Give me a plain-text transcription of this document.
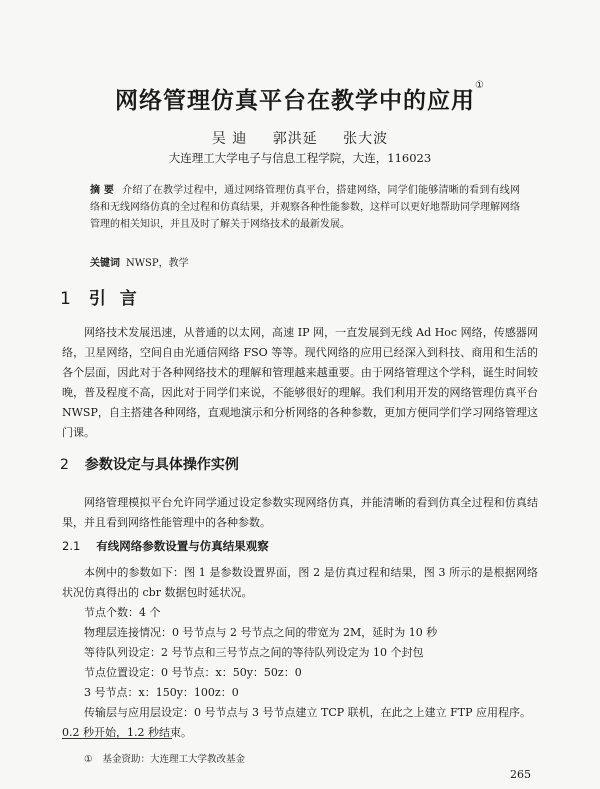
网络管理仿真平台在教学中的应用①
吴 迪 郭洪延 张大波
大连理工大学电子与信息工程学院，大连，116023
摘 要 介绍了在教学过程中，通过网络管理仿真平台，搭建网络，同学们能够清晰的看到有线网络和无线网络仿真的全过程和仿真结果，并观察各种性能参数，这样可以更好地帮助同学理解网络管理的相关知识，并且及时了解关于网络技术的最新发展。
关键词 NWSP，教学
1 引 言
网络技术发展迅速，从普通的以太网，高速 IP 网，一直发展到无线 Ad Hoc 网络，传感器网络，卫星网络，空间自由光通信网络 FSO 等等。现代网络的应用已经深入到科技、商用和生活的各个层面，因此对于各种网络技术的理解和管理越来越重要。由于网络管理这个学科，诞生时间较晚，普及程度不高，因此对于同学们来说，不能够很好的理解。我们利用开发的网络管理仿真平台 NWSP，自主搭建各种网络，直观地演示和分析网络的各种参数，更加方便同学们学习网络管理这门课。
2 参数设定与具体操作实例
网络管理模拟平台允许同学通过设定参数实现网络仿真，并能清晰的看到仿真全过程和仿真结果，并且看到网络性能管理中的各种参数。
2.1 有线网络参数设置与仿真结果观察
本例中的参数如下：图 1 是参数设置界面，图 2 是仿真过程和结果，图 3 所示的是根据网络状况仿真得出的 cbr 数据包时延状况。
节点个数：4 个
物理层连接情况：0 号节点与 2 号节点之间的带宽为 2M，延时为 10 秒
等待队列设定：2 号节点和三号节点之间的等待队列设定为 10 个封包
节点位置设定：0 号节点：x：50y：50z：0
3 号节点：x：150y：100z：0
传输层与应用层设定：0 号节点与 3 号节点建立 TCP 联机，在此之上建立 FTP 应用程序。
0.2 秒开始，1.2 秒结束。
① 基金资助：大连理工大学教改基金
265
